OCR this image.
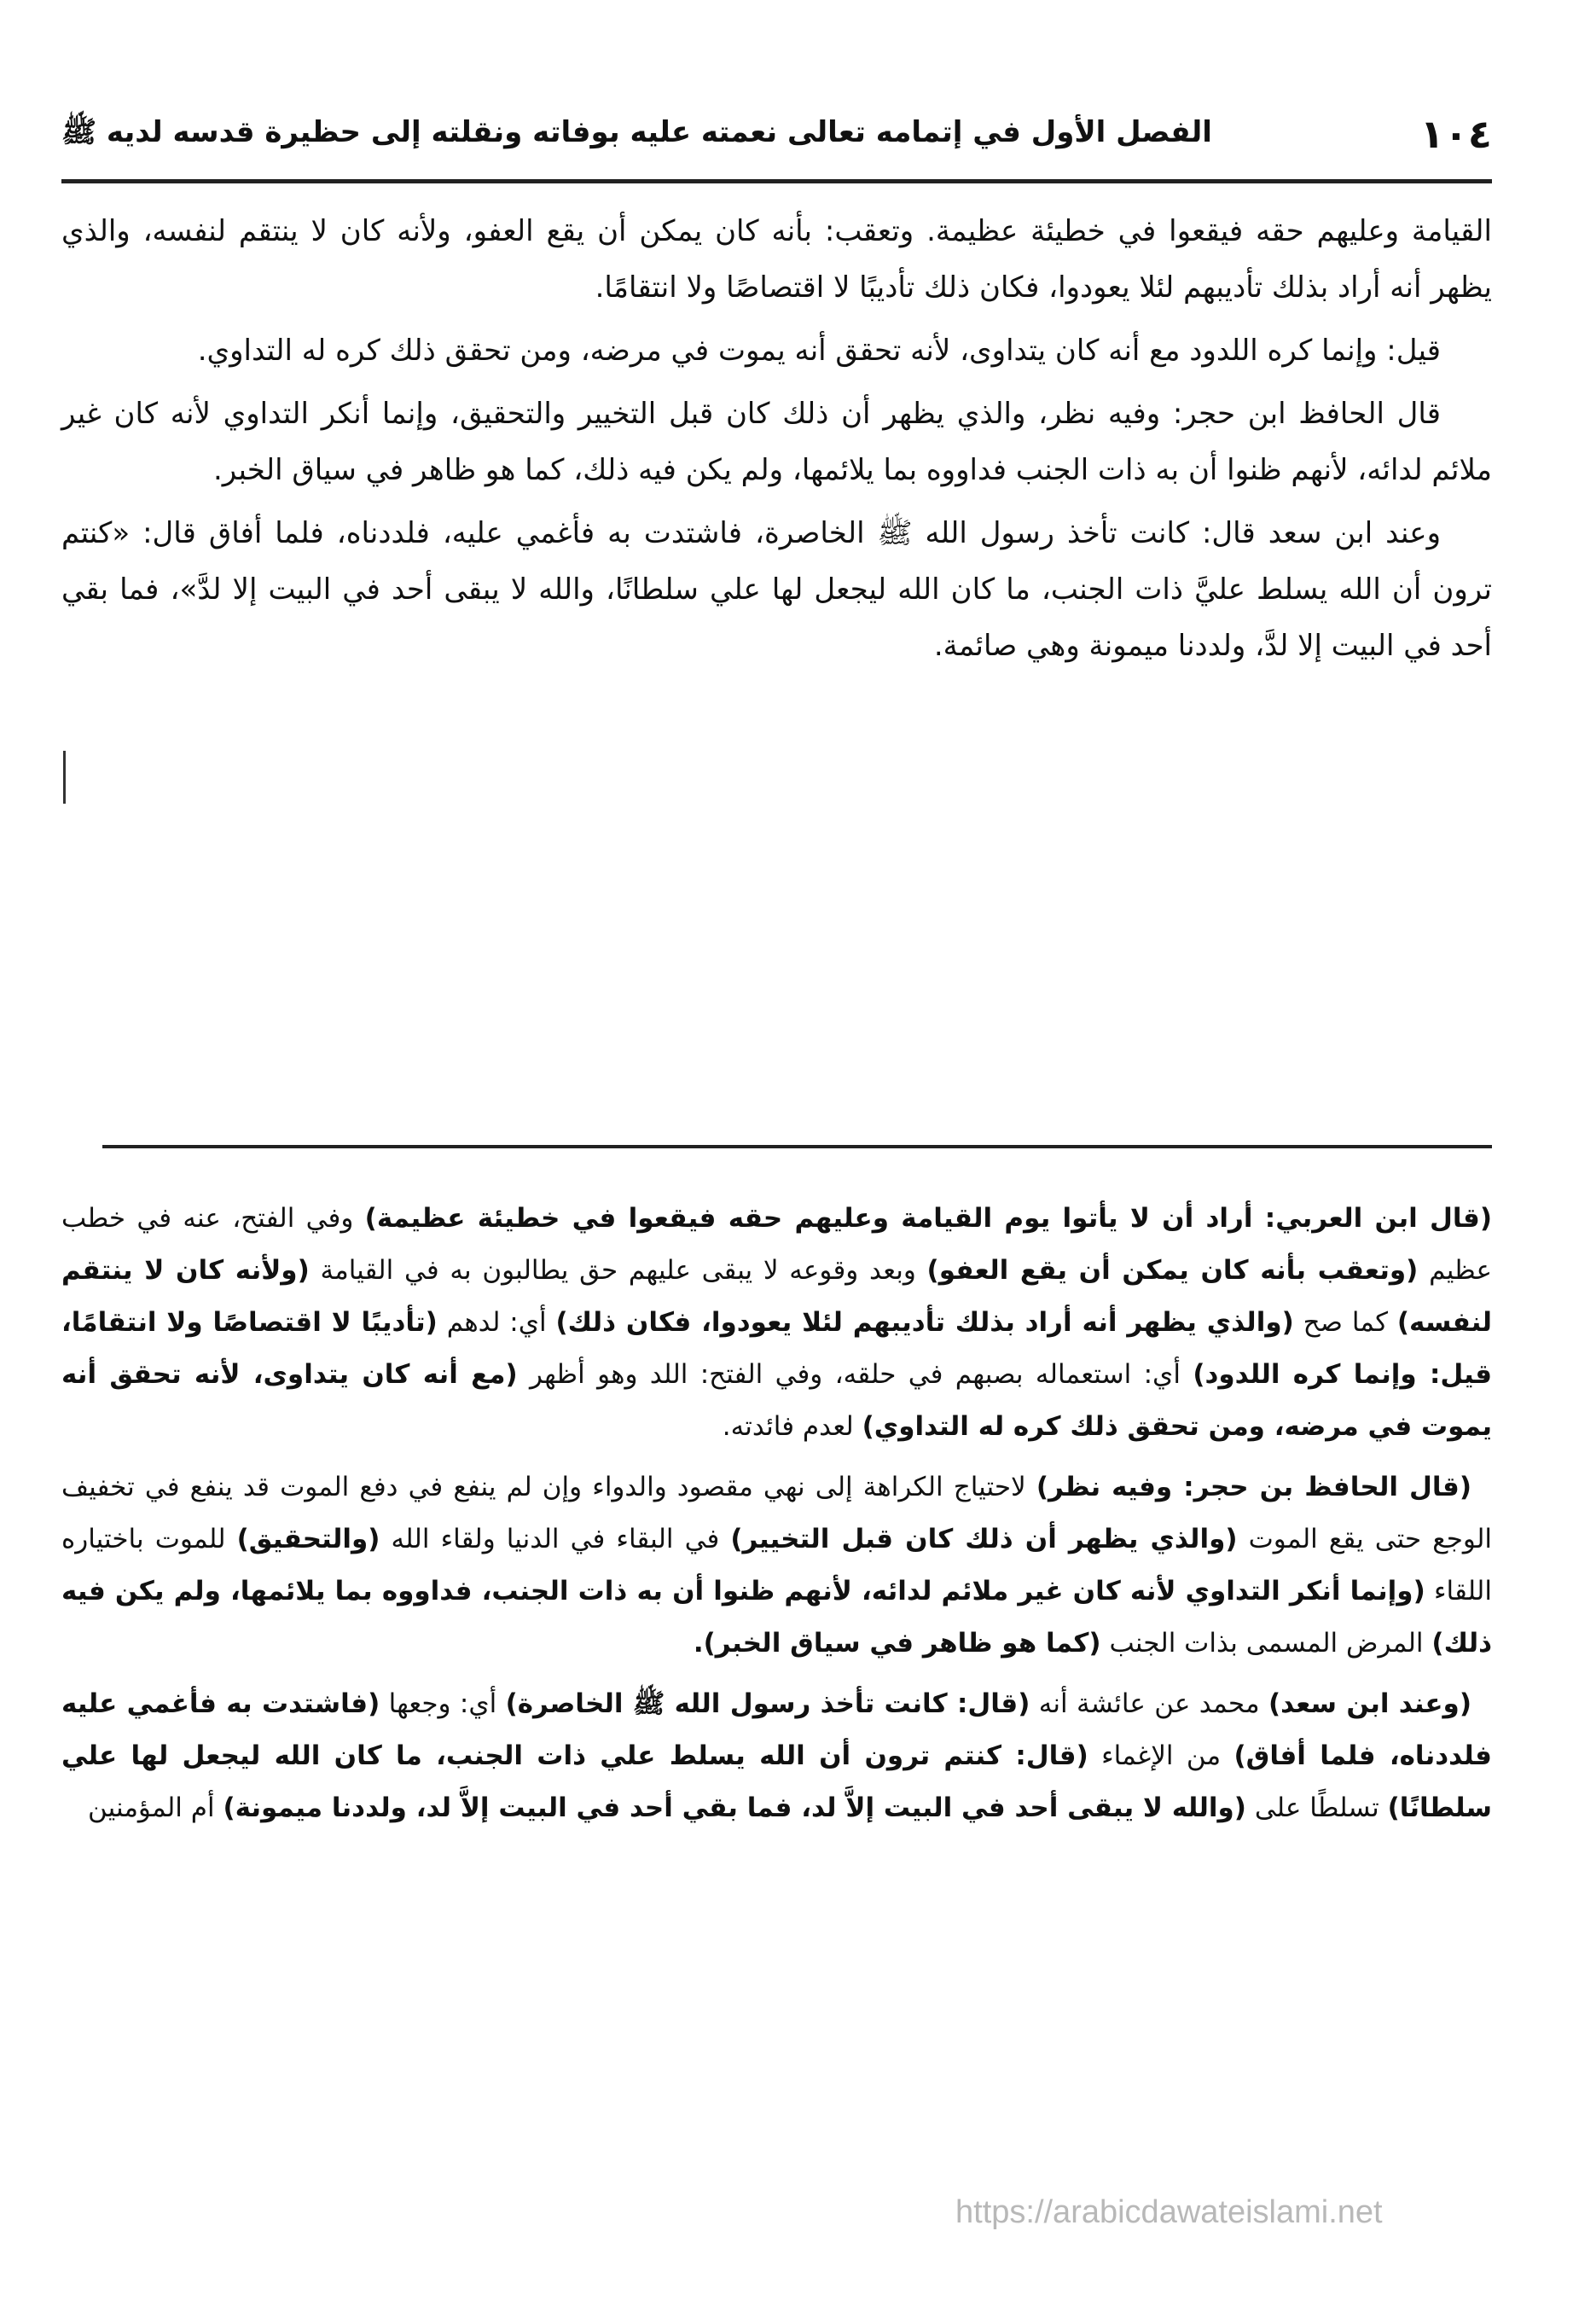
١٠٤
الفصل الأول في إتمامه تعالى نعمته عليه بوفاته ونقلته إلى حظيرة قدسه لديه ﷺ

القيامة وعليهم حقه فيقعوا في خطيئة عظيمة. وتعقب: بأنه كان يمكن أن يقع العفو، ولأنه كان لا ينتقم لنفسه، والذي يظهر أنه أراد بذلك تأديبهم لئلا يعودوا، فكان ذلك تأديبًا لا اقتصاصًا ولا انتقامًا.

قيل: وإنما كره اللدود مع أنه كان يتداوى، لأنه تحقق أنه يموت في مرضه، ومن تحقق ذلك كره له التداوي.

قال الحافظ ابن حجر: وفيه نظر، والذي يظهر أن ذلك كان قبل التخيير والتحقيق، وإنما أنكر التداوي لأنه كان غير ملائم لدائه، لأنهم ظنوا أن به ذات الجنب فداووه بما يلائمها، ولم يكن فيه ذلك، كما هو ظاهر في سياق الخبر.

وعند ابن سعد قال: كانت تأخذ رسول الله ﷺ الخاصرة، فاشتدت به فأغمي عليه، فلددناه، فلما أفاق قال: «كنتم ترون أن الله يسلط عليَّ ذات الجنب، ما كان الله ليجعل لها علي سلطانًا، والله لا يبقى أحد في البيت إلا لدَّ»، فما بقي أحد في البيت إلا لدَّ، ولددنا ميمونة وهي صائمة.

(قال ابن العربي: أراد أن لا يأتوا يوم القيامة وعليهم حقه فيقعوا في خطيئة عظيمة) وفي الفتح، عنه في خطب عظيم (وتعقب بأنه كان يمكن أن يقع العفو) وبعد وقوعه لا يبقى عليهم حق يطالبون به في القيامة (ولأنه كان لا ينتقم لنفسه) كما صح (والذي يظهر أنه أراد بذلك تأديبهم لئلا يعودوا، فكان ذلك) أي: لدهم (تأديبًا لا اقتصاصًا ولا انتقامًا، قيل: وإنما كره اللدود) أي: استعماله بصبهم في حلقه، وفي الفتح: اللد وهو أظهر (مع أنه كان يتداوى، لأنه تحقق أنه يموت في مرضه، ومن تحقق ذلك كره له التداوي) لعدم فائدته.

(قال الحافظ بن حجر: وفيه نظر) لاحتياج الكراهة إلى نهي مقصود والدواء وإن لم ينفع في دفع الموت قد ينفع في تخفيف الوجع حتى يقع الموت (والذي يظهر أن ذلك كان قبل التخيير) في البقاء في الدنيا ولقاء الله (والتحقيق) للموت باختياره اللقاء (وإنما أنكر التداوي لأنه كان غير ملائم لدائه، لأنهم ظنوا أن به ذات الجنب، فداووه بما يلائمها، ولم يكن فيه ذلك) المرض المسمى بذات الجنب (كما هو ظاهر في سياق الخبر).

(وعند ابن سعد) محمد عن عائشة أنه (قال: كانت تأخذ رسول الله ﷺ الخاصرة) أي: وجعها (فاشتدت به فأغمي عليه فلددناه، فلما أفاق) من الإغماء (قال: كنتم ترون أن الله يسلط علي ذات الجنب، ما كان الله ليجعل لها علي سلطانًا) تسلطًا على (والله لا يبقى أحد في البيت إلاَّ لد، فما بقي أحد في البيت إلاَّ لد، ولددنا ميمونة) أم المؤمنين

https://arabicdawateislami.net
